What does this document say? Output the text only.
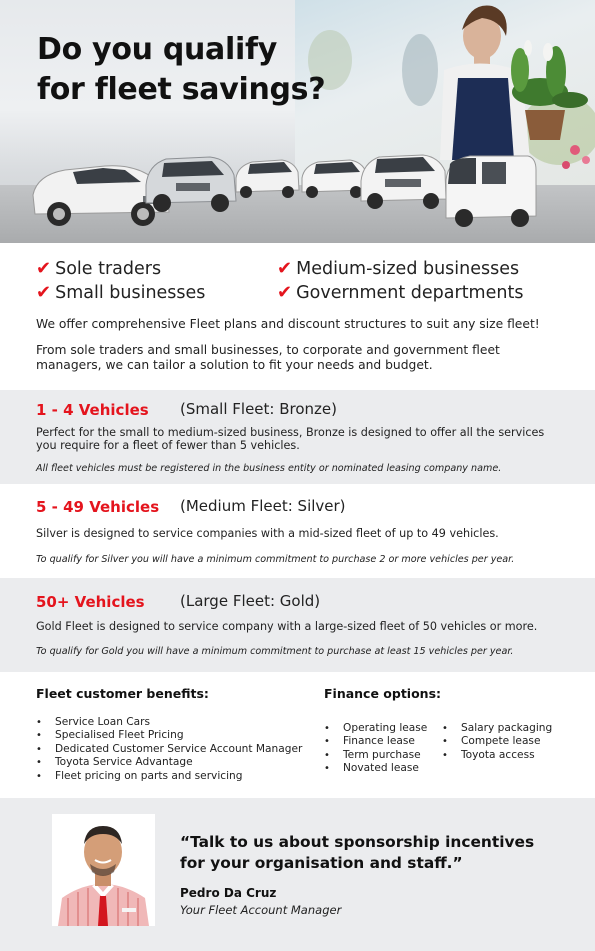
Do you qualify
for fleet savings?
✔ Sole traders
✔ Small businesses
✔ Medium-sized businesses
✔ Government departments
We offer comprehensive Fleet plans and discount structures to suit any size fleet!
From sole traders and small businesses, to corporate and government fleet managers, we can tailor a solution to fit your needs and budget.
1 - 4 Vehicles (Small Fleet: Bronze)
Perfect for the small to medium-sized business, Bronze is designed to offer all the services you require for a fleet of fewer than 5 vehicles.
All fleet vehicles must be registered in the business entity or nominated leasing company name.
5 - 49 Vehicles (Medium Fleet: Silver)
Silver is designed to service companies with a mid-sized fleet of up to 49 vehicles.
To qualify for Silver you will have a minimum commitment to purchase 2 or more vehicles per year.
50+ Vehicles (Large Fleet: Gold)
Gold Fleet is designed to service company with a large-sized fleet of 50 vehicles or more.
To qualify for Gold you will have a minimum commitment to purchase at least 15 vehicles per year.
Fleet customer benefits:
• Service Loan Cars
• Specialised Fleet Pricing
• Dedicated Customer Service Account Manager
• Toyota Service Advantage
• Fleet pricing on parts and servicing
Finance options:
• Operating lease
• Finance lease
• Term purchase
• Novated lease
• Salary packaging
• Compete lease
• Toyota access
“Talk to us about sponsorship incentives
for your organisation and staff.”
Pedro Da Cruz
Your Fleet Account Manager
